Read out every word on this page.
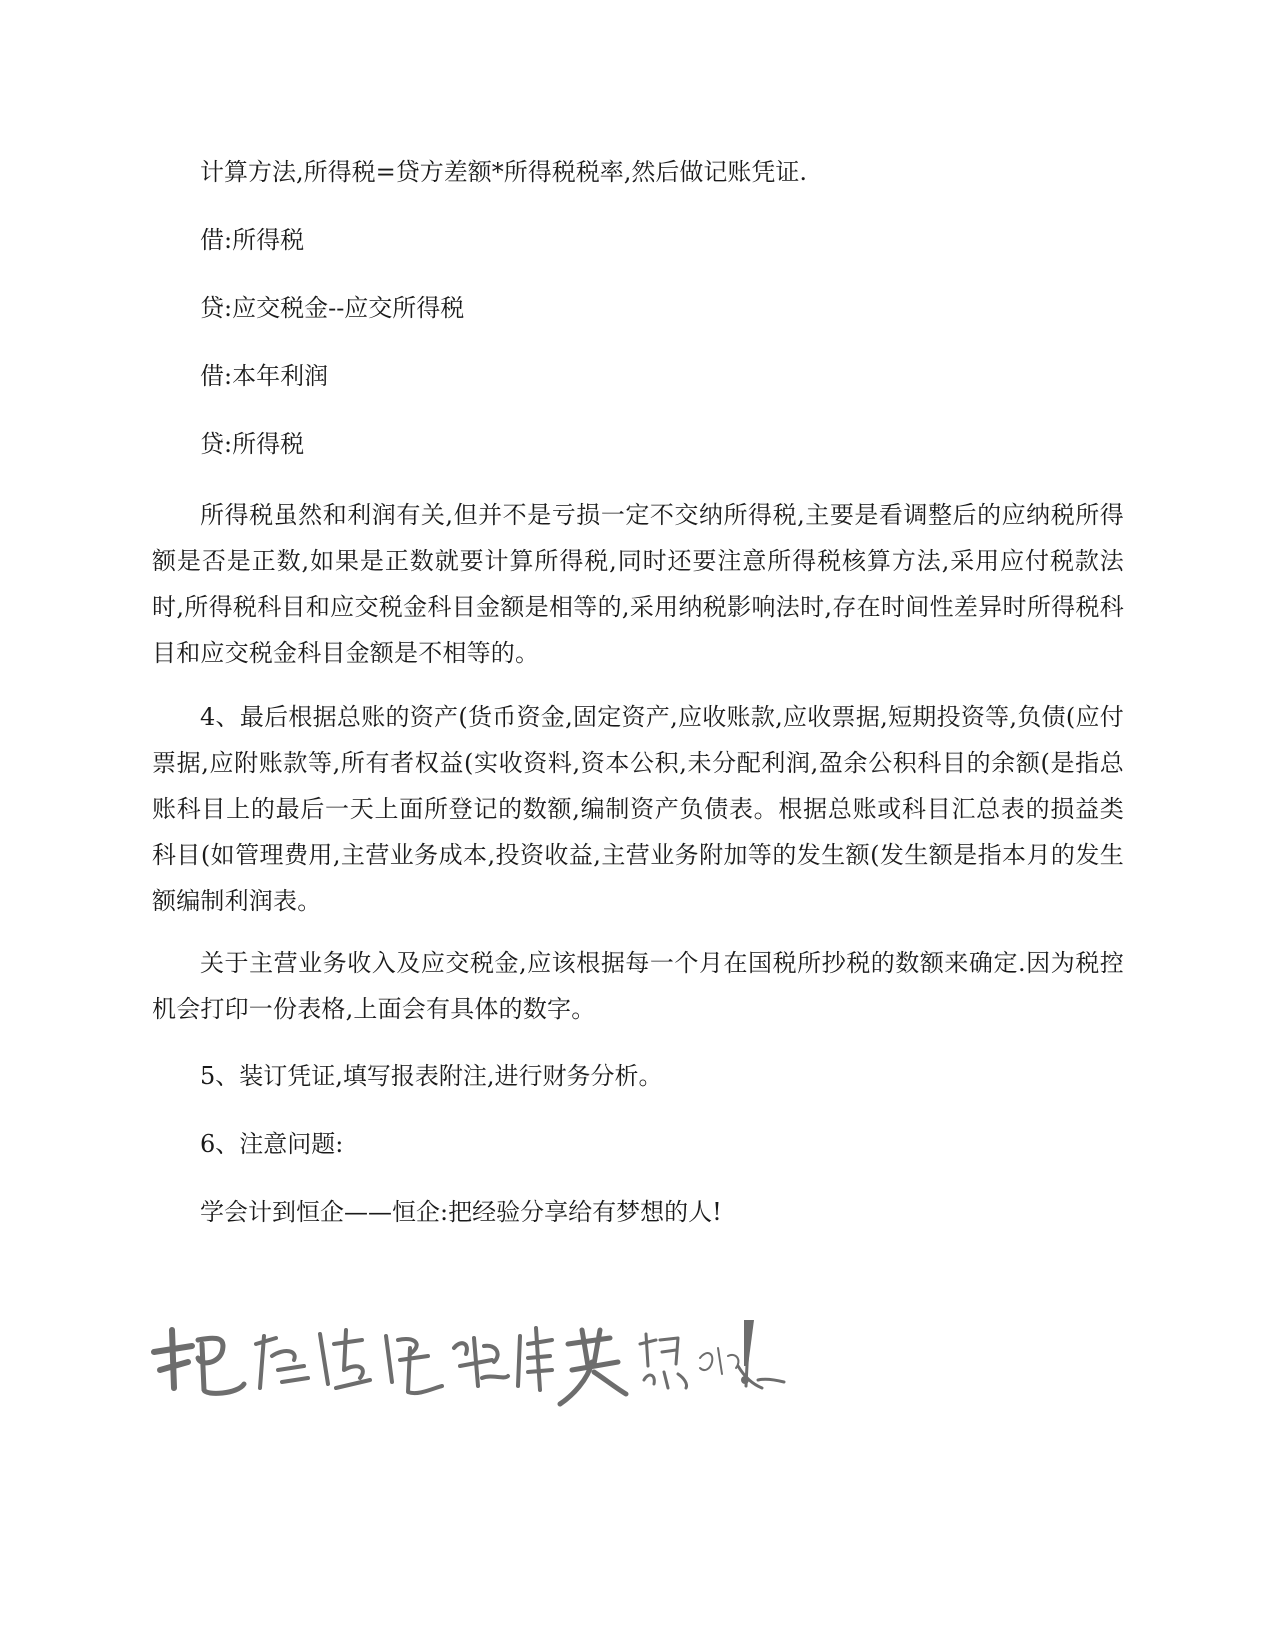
计算方法,所得税=贷方差额*所得税税率,然后做记账凭证.
借:所得税
贷:应交税金--应交所得税
借:本年利润
贷:所得税
所得税虽然和利润有关,但并不是亏损一定不交纳所得税,主要是看调整后的应纳税所得额是否是正数,如果是正数就要计算所得税,同时还要注意所得税核算方法,采用应付税款法时,所得税科目和应交税金科目金额是相等的,采用纳税影响法时,存在时间性差异时所得税科目和应交税金科目金额是不相等的。
4、最后根据总账的资产(货币资金,固定资产,应收账款,应收票据,短期投资等,负债(应付票据,应附账款等,所有者权益(实收资料,资本公积,未分配利润,盈余公积科目的余额(是指总账科目上的最后一天上面所登记的数额,编制资产负债表。根据总账或科目汇总表的损益类科目(如管理费用,主营业务成本,投资收益,主营业务附加等的发生额(发生额是指本月的发生额编制利润表。
关于主营业务收入及应交税金,应该根据每一个月在国税所抄税的数额来确定.因为税控机会打印一份表格,上面会有具体的数字。
5、装订凭证,填写报表附注,进行财务分析。
6、注意问题:
学会计到恒企——恒企:把经验分享给有梦想的人!
把经验传递给有梦想的人!
